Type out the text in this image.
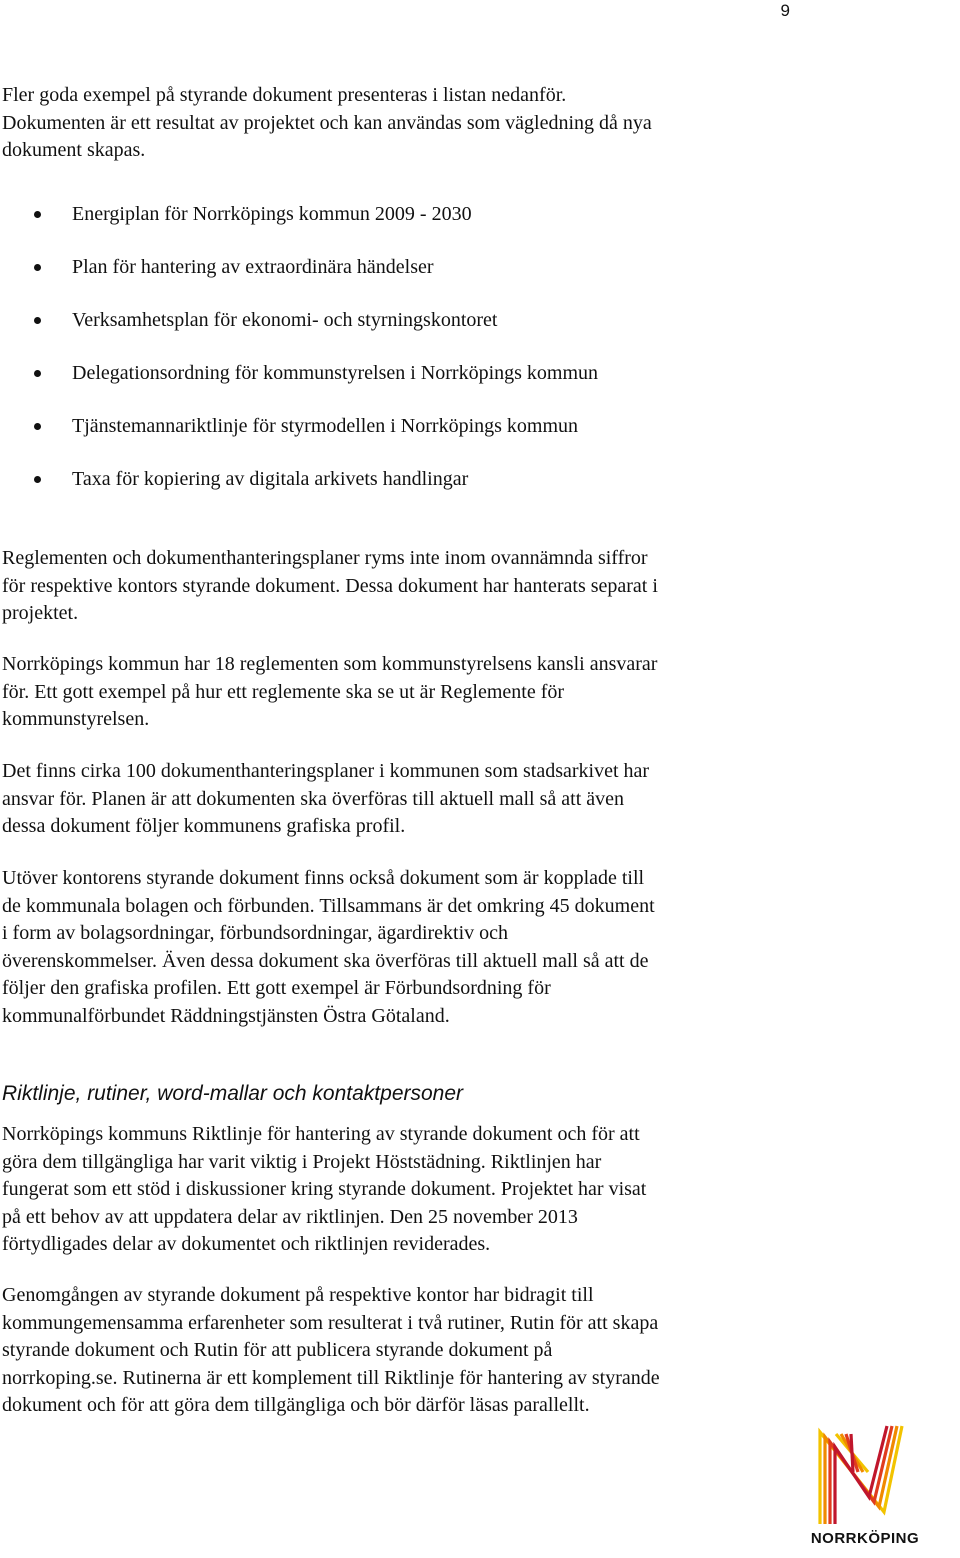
9

Fler goda exempel på styrande dokument presenteras i listan nedanför.

Dokumenten är ett resultat av projektet och kan användas som vägledning då nya

dokument skapas.

Energiplan för Norrköpings kommun 2009 - 2030
Plan för hantering av extraordinära händelser
Verksamhetsplan för ekonomi- och styrningskontoret
Delegationsordning för kommunstyrelsen i Norrköpings kommun
Tjänstemannariktlinje för styrmodellen i Norrköpings kommun
Taxa för kopiering av digitala arkivets handlingar

Reglementen och dokumenthanteringsplaner ryms inte inom ovannämnda siffror

för respektive kontors styrande dokument. Dessa dokument har hanterats separat i

projektet.

Norrköpings kommun har 18 reglementen som kommunstyrelsens kansli ansvarar

för. Ett gott exempel på hur ett reglemente ska se ut är Reglemente för

kommunstyrelsen.

Det finns cirka 100 dokumenthanteringsplaner i kommunen som stadsarkivet har

ansvar för. Planen är att dokumenten ska överföras till aktuell mall så att även

dessa dokument följer kommunens grafiska profil.

Utöver kontorens styrande dokument finns också dokument som är kopplade till

de kommunala bolagen och förbunden. Tillsammans är det omkring 45 dokument

i form av bolagsordningar, förbundsordningar, ägardirektiv och

överenskommelser. Även dessa dokument ska överföras till aktuell mall så att de

följer den grafiska profilen. Ett gott exempel är Förbundsordning för

kommunalförbundet Räddningstjänsten Östra Götaland.

Riktlinje, rutiner, word-mallar och kontaktpersoner

Norrköpings kommuns Riktlinje för hantering av styrande dokument och för att

göra dem tillgängliga har varit viktig i Projekt Höststädning. Riktlinjen har

fungerat som ett stöd i diskussioner kring styrande dokument. Projektet har visat

på ett behov av att uppdatera delar av riktlinjen. Den 25 november 2013

förtydligades delar av dokumentet och riktlinjen reviderades.

Genomgången av styrande dokument på respektive kontor har bidragit till

kommungemensamma erfarenheter som resulterat i två rutiner, Rutin för att skapa

styrande dokument och Rutin för att publicera styrande dokument på

norrkoping.se. Rutinerna är ett komplement till Riktlinje för hantering av styrande

dokument och för att göra dem tillgängliga och bör därför läsas parallellt.

NORRKÖPING
